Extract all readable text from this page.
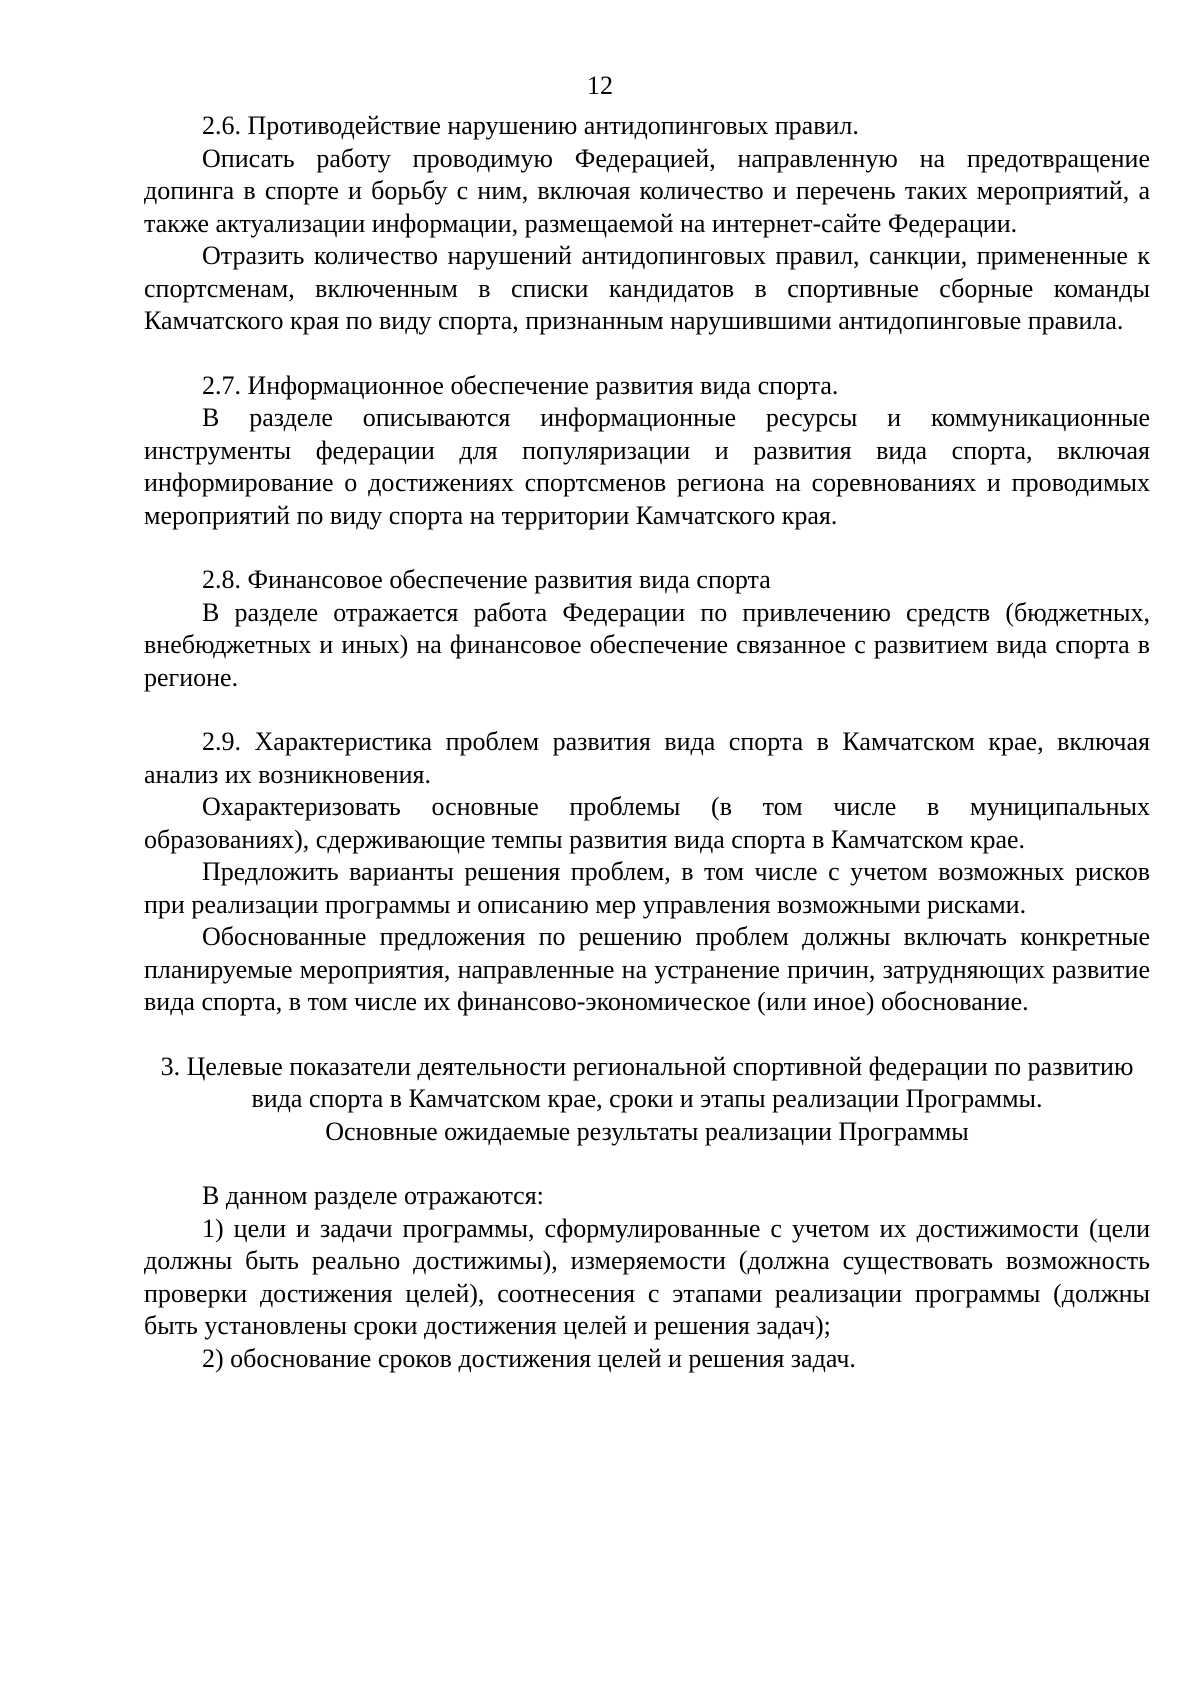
12

2.6. Противодействие нарушению антидопинговых правил.

Описать работу проводимую Федерацией, направленную на предотвращение допинга в спорте и борьбу с ним, включая количество и перечень таких мероприятий, а также актуализации информации, размещаемой на интернет-сайте Федерации.

Отразить количество нарушений антидопинговых правил, санкции, примененные к спортсменам, включенным в списки кандидатов в спортивные сборные команды Камчатского края по виду спорта, признанным нарушившими антидопинговые правила.

2.7. Информационное обеспечение развития вида спорта.

В разделе описываются информационные ресурсы и коммуникационные инструменты федерации для популяризации и развития вида спорта, включая информирование о достижениях спортсменов региона на соревнованиях и проводимых мероприятий по виду спорта на территории Камчатского края.

2.8. Финансовое обеспечение развития вида спорта

В разделе отражается работа Федерации по привлечению средств (бюджетных, внебюджетных и иных) на финансовое обеспечение связанное с развитием вида спорта в регионе.

2.9. Характеристика проблем развития вида спорта в Камчатском крае, включая анализ их возникновения.

Охарактеризовать основные проблемы (в том числе в муниципальных образованиях), сдерживающие темпы развития вида спорта в Камчатском крае.

Предложить варианты решения проблем, в том числе с учетом возможных рисков при реализации программы и описанию мер управления возможными рисками.

Обоснованные предложения по решению проблем должны включать конкретные планируемые мероприятия, направленные на устранение причин, затрудняющих развитие вида спорта, в том числе их финансово-экономическое (или иное) обоснование.

3. Целевые показатели деятельности региональной спортивной федерации по развитию вида спорта в Камчатском крае, сроки и этапы реализации Программы.

Основные ожидаемые результаты реализации Программы

В данном разделе отражаются:

1) цели и задачи программы, сформулированные с учетом их достижимости (цели должны быть реально достижимы), измеряемости (должна существовать возможность проверки достижения целей), соотнесения с этапами реализации программы (должны быть установлены сроки достижения целей и решения задач);

2) обоснование сроков достижения целей и решения задач.
